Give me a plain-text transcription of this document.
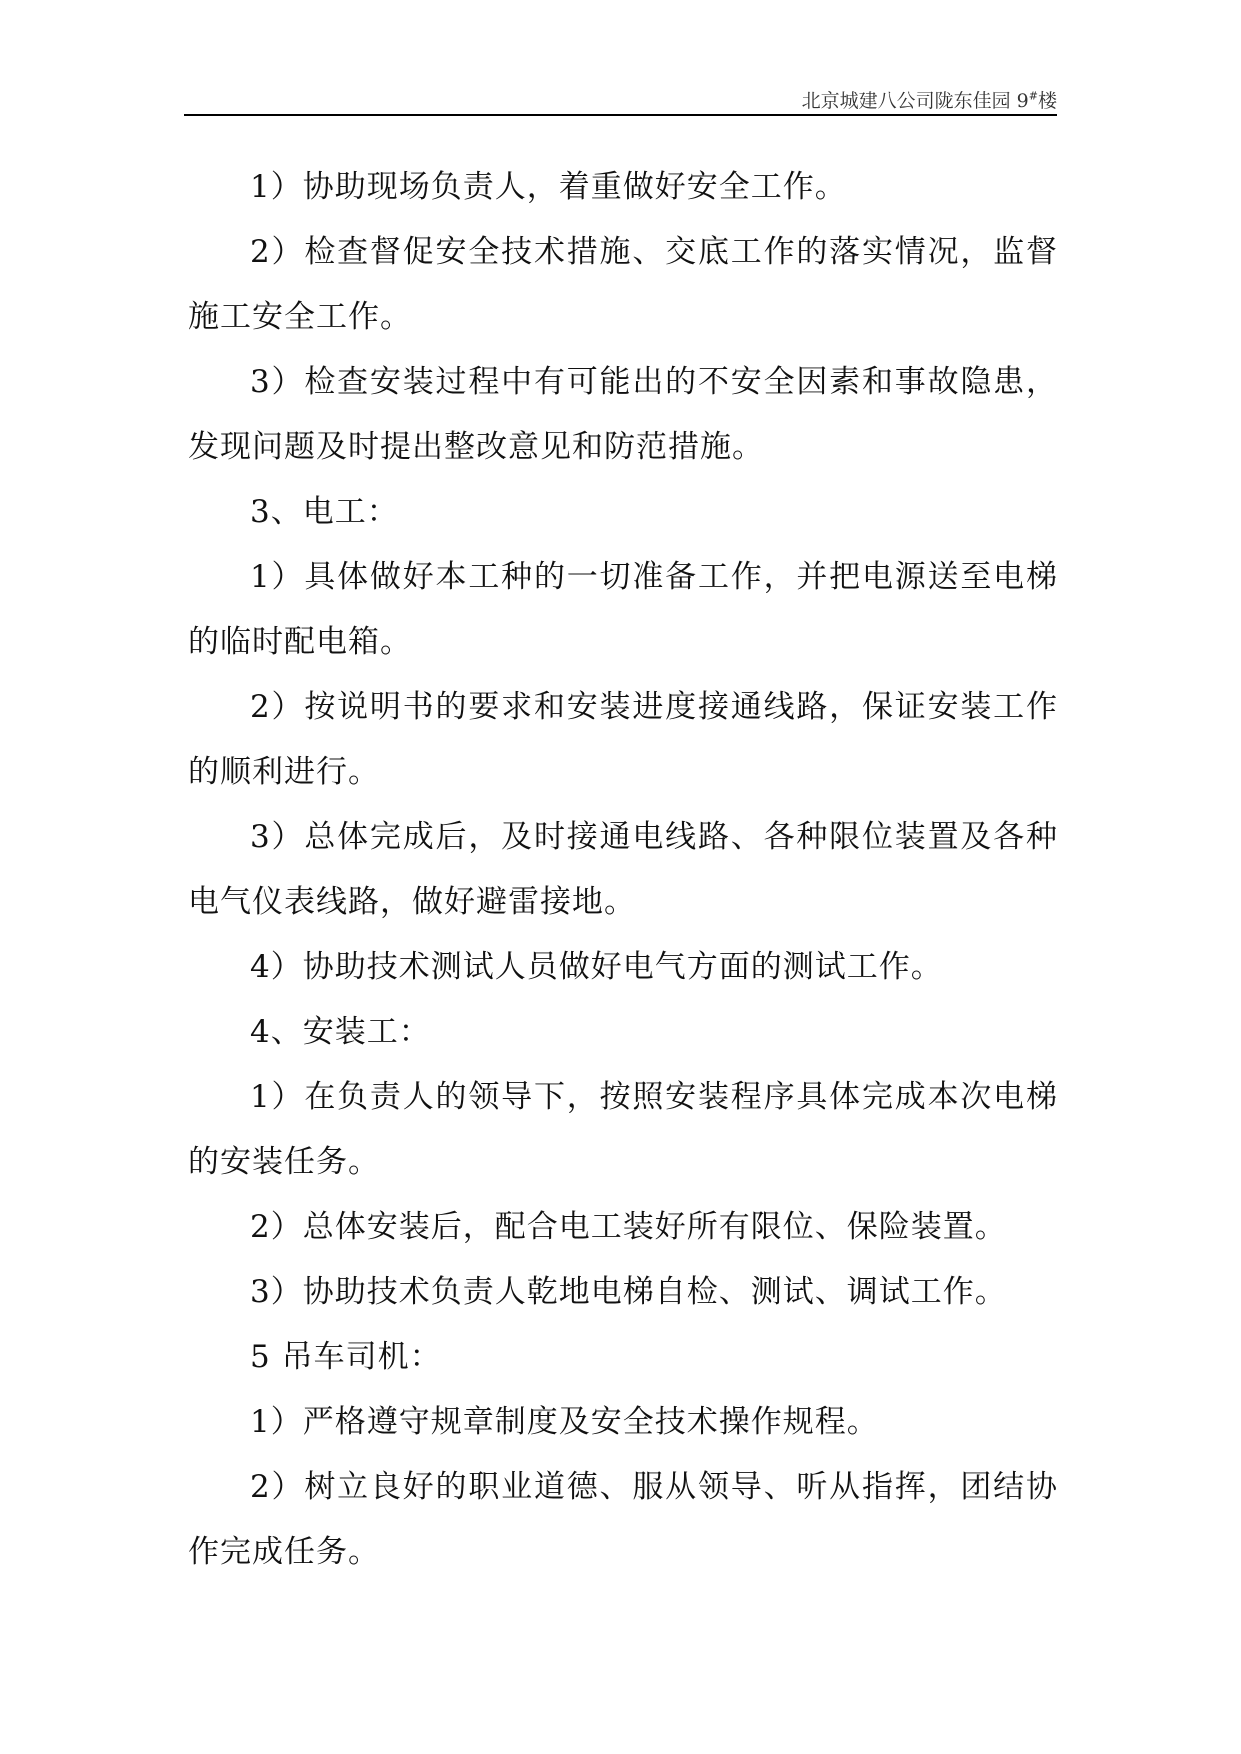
北京城建八公司陇东佳园 9#楼

1）协助现场负责人，着重做好安全工作。

2）检查督促安全技术措施、交底工作的落实情况，监督施工安全工作。

3）检查安装过程中有可能出的不安全因素和事故隐患，发现问题及时提出整改意见和防范措施。

3、电工：

1）具体做好本工种的一切准备工作，并把电源送至电梯的临时配电箱。

2）按说明书的要求和安装进度接通线路，保证安装工作的顺利进行。

3）总体完成后，及时接通电线路、各种限位装置及各种电气仪表线路，做好避雷接地。

4）协助技术测试人员做好电气方面的测试工作。

4、安装工：

1）在负责人的领导下，按照安装程序具体完成本次电梯的安装任务。

2）总体安装后，配合电工装好所有限位、保险装置。

3）协助技术负责人乾地电梯自检、测试、调试工作。

5 吊车司机：

1）严格遵守规章制度及安全技术操作规程。

2）树立良好的职业道德、服从领导、听从指挥，团结协作完成任务。
